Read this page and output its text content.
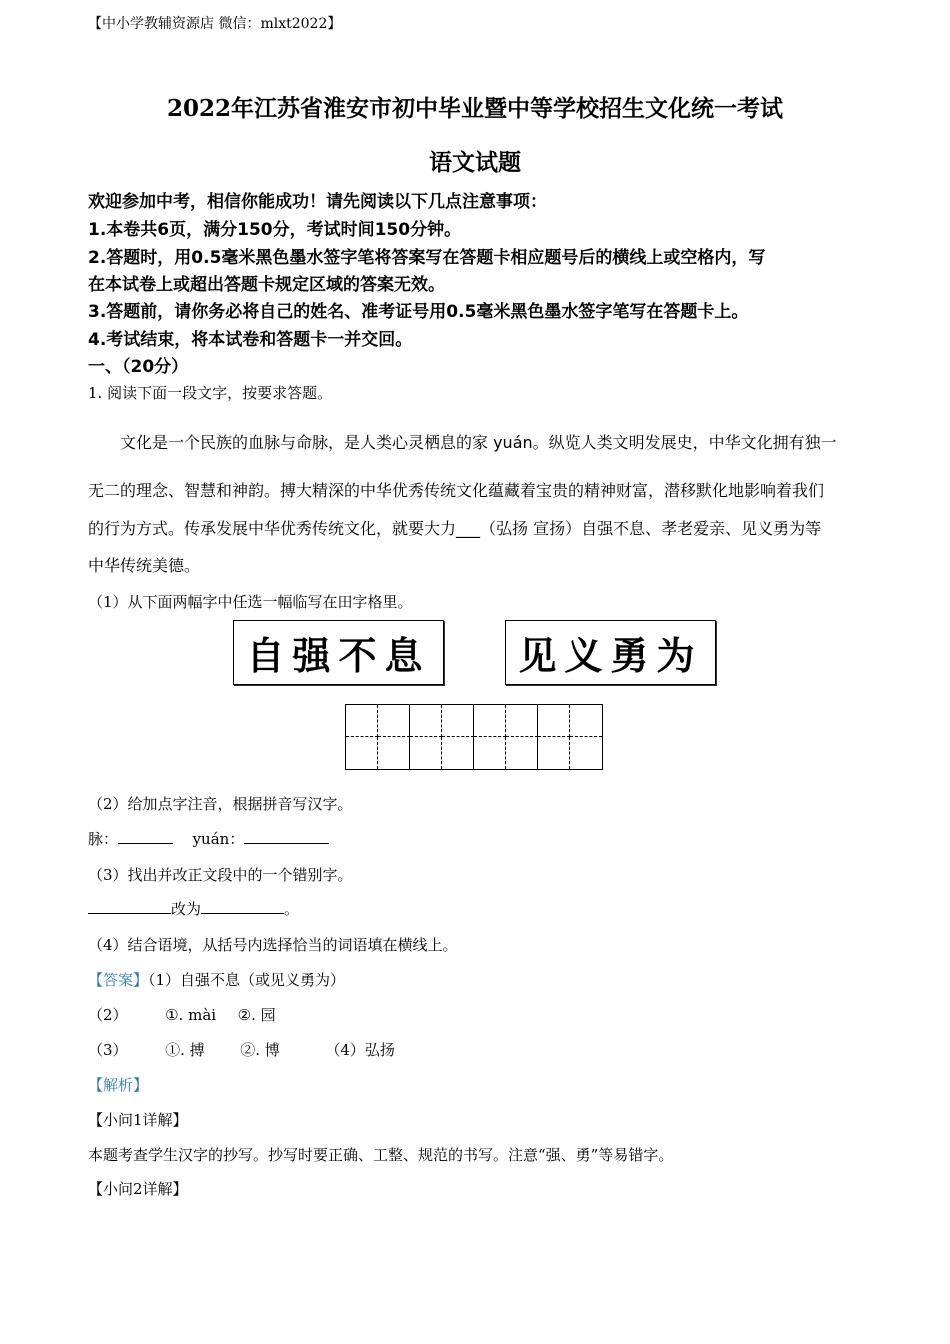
【中小学教辅资源店 微信：mlxt2022】
2022年江苏省淮安市初中毕业暨中等学校招生文化统一考试
语文试题
欢迎参加中考，相信你能成功！请先阅读以下几点注意事项：
1.本卷共6页，满分150分，考试时间150分钟。
2.答题时，用0.5毫米黑色墨水签字笔将答案写在答题卡相应题号后的横线上或空格内，写
在本试卷上或超出答题卡规定区域的答案无效。
3.答题前，请你务必将自己的姓名、准考证号用0.5毫米黑色墨水签字笔写在答题卡上。
4.考试结束，将本试卷和答题卡一并交回。
一、（20分）
1. 阅读下面一段文字，按要求答题。
文化是一个民族的血脉与命脉，是人类心灵栖息的家 yuán。纵览人类文明发展史，中华文化拥有独一
无二的理念、智慧和神韵。搏大精深的中华优秀传统文化蕴藏着宝贵的精神财富，潜移默化地影响着我们
的行为方式。传承发展中华优秀传统文化，就要大力___（弘扬 宣扬）自强不息、孝老爱亲、见义勇为等
中华传统美德。
（1）从下面两幅字中任选一幅临写在田字格里。
自强不息	见义勇为
（2）给加点字注音，根据拼音写汉字。
脉：	yuán：
（3）找出并改正文段中的一个错别字。
改为	。
（4）结合语境，从括号内选择恰当的词语填在横线上。
【答案】（1）自强不息（或见义勇为）
（2）	①. mài ②. 园
（3）	①. 搏 ②. 博	（4）弘扬
【解析】
【小问1详解】
本题考查学生汉字的抄写。抄写时要正确、工整、规范的书写。注意“强、勇”等易错字。
【小问2详解】
